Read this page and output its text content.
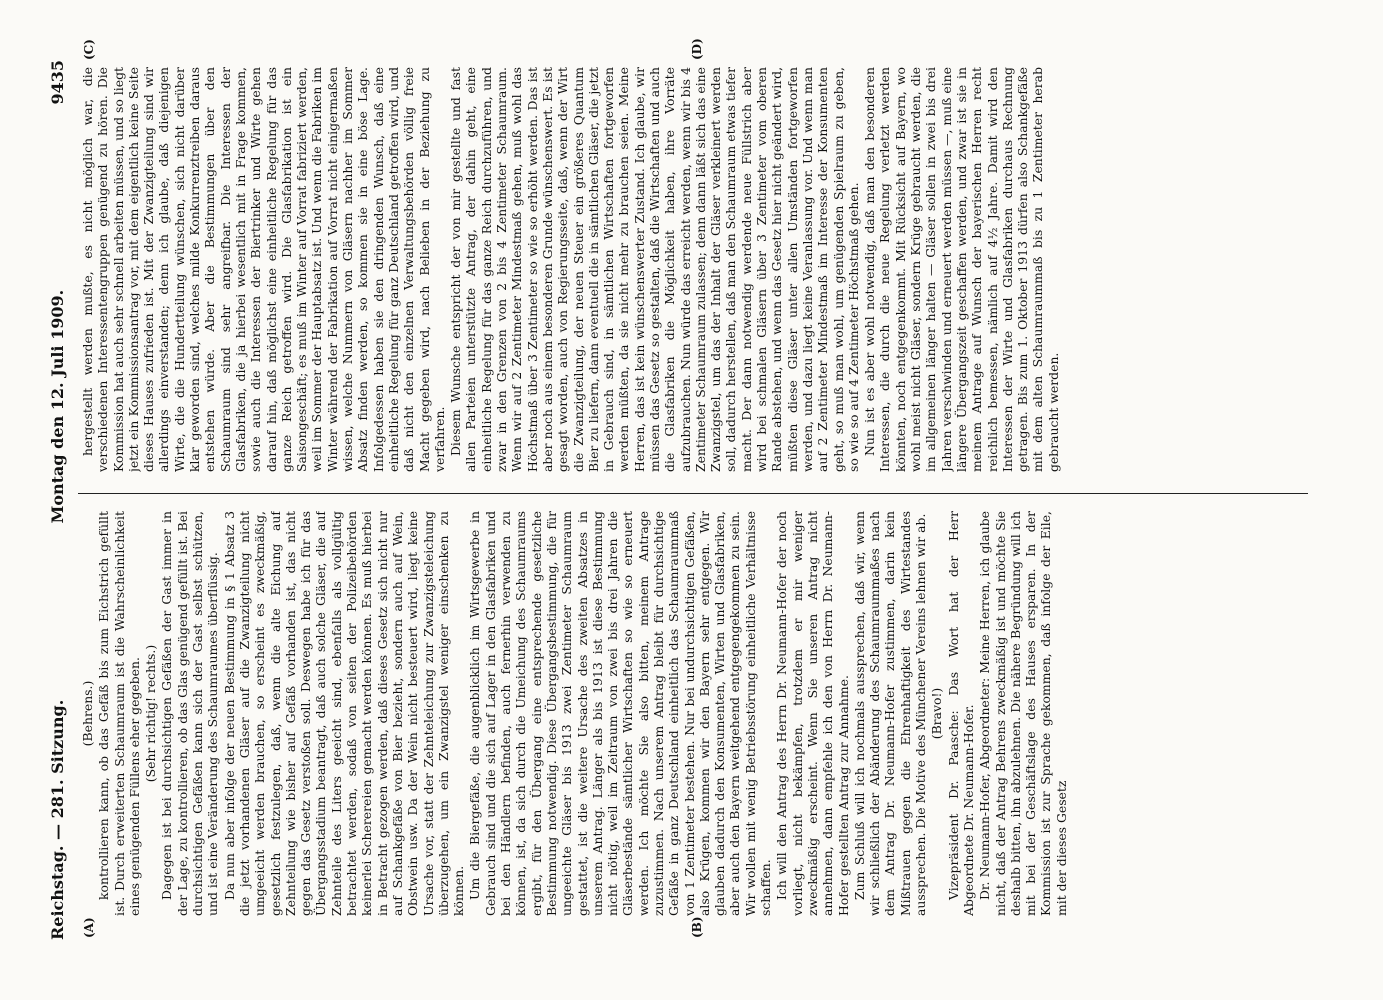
Reichstag. — 281. Sitzung.
Montag den 12. Juli 1909.
9435
(A)	(B)
(C)	(D)

(Behrens.) kontrollieren kann, ob das Gefäß bis zum Eichstrich gefüllt ist. Durch erweiterten Schaumraum ist die Wahrscheinlichkeit eines genügenden Füllens eher gegeben. (Sehr richtig! rechts.) Dagegen ist bei durchsichtigen Gefäßen der Gast immer in der Lage, zu kontrollieren, ob das Glas genügend gefüllt ist. Bei durchsichtigen Gefäßen kann sich der Gast selbst schützen, und ist eine Veränderung des Schaumraumes überflüssig. Da nun aber infolge der neuen Bestimmung in § 1 Absatz 3 die jetzt vorhandenen Gläser auf die Zwanzigteilung nicht umgeeicht werden brauchen, so erscheint es zweckmäßig, gesetzlich festzulegen, daß, wenn die alte Eichung auf Zehnteilung wie bisher auf Gefäß vorhanden ist, das nicht gegen das Gesetz verstoßen soll. Deswegen habe ich für das Übergangsstadium beantragt, daß auch solche Gläser, die auf Zehnteile des Liters geeicht sind, ebenfalls als vollgültig betrachtet werden, sodaß von seiten der Polizeibehörden keinerlei Scherereien gemacht werden können. Es muß hierbei in Betracht gezogen werden, daß dieses Gesetz sich nicht nur auf Schankgefäße von Bier bezieht, sondern auch auf Wein, Obstwein usw. Da der Wein nicht besteuert wird, liegt keine Ursache vor, statt der Zehnteleichung zur Zwanzigsteleichung überzugehen, um ein Zwanzigstel weniger einschenken zu können. Um die Biergefäße, die augenblicklich im Wirtsgewerbe in Gebrauch sind und die sich auf Lager in den Glasfabriken und bei den Händlern befinden, auch fernerhin verwenden zu können, ist, da sich durch die Umeichung des Schaumraums ergibt, für den Übergang eine entsprechende gesetzliche Bestimmung notwendig. Diese Übergangsbestimmung, die für ungeeichte Gläser bis 1913 zwei Zentimeter Schaumraum gestattet, ist die weitere Ursache des zweiten Absatzes in unserem Antrag. Länger als bis 1913 ist diese Bestimmung nicht nötig, weil im Zeitraum von zwei bis drei Jahren die Gläserbestände sämtlicher Wirtschaften so wie so erneuert werden. Ich möchte Sie also bitten, meinem Antrage zuzustimmen. Nach unserem Antrag bleibt für durchsichtige Gefäße in ganz Deutschland einheitlich das Schaumraummaß von 1 Zentimeter bestehen. Nur bei undurchsichtigen Gefäßen, also Krügen, kommen wir den Bayern sehr entgegen. Wir glauben dadurch den Konsumenten, Wirten und Glasfabriken, aber auch den Bayern weitgehend entgegengekommen zu sein. Wir wollen mit wenig Betriebsstörung einheitliche Verhältnisse schaffen. Ich will den Antrag des Herrn Dr. Neumann-Hofer der noch vorliegt, nicht bekämpfen, trotzdem er mir weniger zweckmäßig erscheint. Wenn Sie unseren Antrag nicht annehmen, dann empfehle ich den von Herrn Dr. Neumann-Hofer gestellten Antrag zur Annahme. Zum Schluß will ich nochmals aussprechen, daß wir, wenn wir schließlich der Abänderung des Schaumraummaßes nach dem Antrag Dr. Neumann-Hofer zustimmen, darin kein Mißtrauen gegen die Ehrenhaftigkeit des Wirtestandes aussprechen. Die Motive des Münchener Vereins lehnen wir ab. (Bravo!) Vizepräsident Dr. Paasche: Das Wort hat der Herr Abgeordnete Dr. Neumann-Hofer. Dr. Neumann-Hofer, Abgeordneter: Meine Herren, ich glaube nicht, daß der Antrag Behrens zweckmäßig ist und möchte Sie deshalb bitten, ihn abzulehnen. Die nähere Begründung will ich mit bei der Geschäftslage des Hauses ersparen. In der Kommission ist zur Sprache gekommen, daß infolge der Eile, mit der dieses Gesetz

hergestellt werden mußte, es nicht möglich war, die verschiedenen Interessentengruppen genügend zu hören. Die Kommission hat auch sehr schnell arbeiten müssen, und so liegt jetzt ein Kommissionsantrag vor, mit dem eigentlich keine Seite dieses Hauses zufrieden ist. Mit der Zwanzigteilung sind wir allerdings einverstanden; denn ich glaube, daß diejenigen Wirte, die die Hundertteilung wünschen, sich nicht darüber klar geworden sind, welches milde Konkurrenztreiben daraus entstehen würde. Aber die Bestimmungen über den Schaumraum sind sehr angreifbar. Die Interessen der Glasfabriken, die ja hierbei wesentlich mit in Frage kommen, sowie auch die Interessen der Biertrinker und Wirte gehen darauf hin, daß möglichst eine einheitliche Regelung für das ganze Reich getroffen wird. Die Glasfabrikation ist ein Saisongeschäft; es muß im Winter auf Vorrat fabriziert werden, weil im Sommer der Hauptabsatz ist. Und wenn die Fabriken im Winter während der Fabrikation auf Vorrat nicht einigermaßen wissen, welche Nummern von Gläsern nachher im Sommer Absatz finden werden, so kommen sie in eine böse Lage. Infolgedessen haben sie den dringenden Wunsch, daß eine einheitliche Regelung für ganz Deutschland getroffen wird, und daß nicht den einzelnen Verwaltungsbehörden völlig freie Macht gegeben wird, nach Belieben in der Beziehung zu verfahren. Diesem Wunsche entspricht der von mir gestellte und fast allen Parteien unterstützte Antrag, der dahin geht, eine einheitliche Regelung für das ganze Reich durchzuführen, und zwar in den Grenzen von 2 bis 4 Zentimeter Schaumraum. Wenn wir auf 2 Zentimeter Mindestmaß gehen, muß wohl das Höchstmaß über 3 Zentimeter so wie so erhöht werden. Das ist aber noch aus einem besonderen Grunde wünschenswert. Es ist gesagt worden, auch von Regierungsseite, daß, wenn der Wirt die Zwanzigteilung, der neuen Steuer ein größeres Quantum Bier zu liefern, dann eventuell die in sämtlichen Gläser, die jetzt in Gebrauch sind, in sämtlichen Wirtschaften fortgeworfen werden müßten, da sie nicht mehr zu brauchen seien. Meine Herren, das ist kein wünschenswerter Zustand. Ich glaube, wir müssen das Gesetz so gestalten, daß die Wirtschaften und auch die Glasfabriken die Möglichkeit haben, ihre Vorräte aufzubrauchen. Nun würde das erreicht werden, wenn wir bis 4 Zentimeter Schaumraum zulassen; denn dann läßt sich das eine Zwanzigstel, um das der Inhalt der Gläser verkleinert werden soll, dadurch herstellen, daß man den Schaumraum etwas tiefer macht. Der dann notwendig werdende neue Füllstrich aber wird bei schmalen Gläsern über 3 Zentimeter vom oberen Rande abstehen, und wenn das Gesetz hier nicht geändert wird, müßten diese Gläser unter allen Umständen fortgeworfen werden, und dazu liegt keine Veranlassung vor. Und wenn man auf 2 Zentimeter Mindestmaß im Interesse der Konsumenten geht, so muß man wohl, um genügenden Spielraum zu geben, so wie so auf 4 Zentimeter Höchstmaß gehen. Nun ist es aber wohl notwendig, daß man den besonderen Interessen, die durch die neue Regelung verletzt werden könnten, noch entgegenkommt. Mit Rücksicht auf Bayern, wo wohl meist nicht Gläser, sondern Krüge gebraucht werden, die im allgemeinen länger halten — Gläser sollen in zwei bis drei Jahren verschwinden und erneuert werden müssen —, muß eine längere Übergangszeit geschaffen werden, und zwar ist sie in meinem Antrage auf Wunsch der bayerischen Herren recht reichlich bemessen, nämlich auf 4½ Jahre. Damit wird den Interessen der Wirte und Glasfabriken durchaus Rechnung getragen. Bis zum 1. Oktober 1913 dürfen also Schankgefäße mit dem alten Schaumraummaß bis zu 1 Zentimeter herab gebraucht werden.
